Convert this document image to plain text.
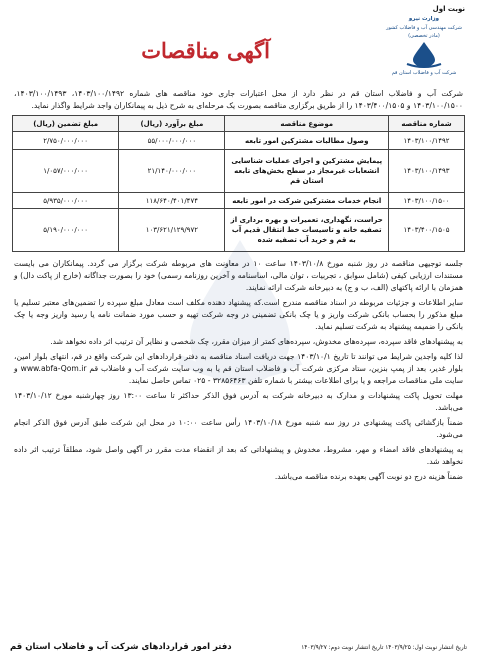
نوبت اول
وزارت نیرو
شرکت مهندسی آب و فاضلاب کشور
(مادر تخصصی)
شرکت آب و فاضلاب استان قم
آگهی مناقصات
شرکت آب و فاضلاب استان قم در نظر دارد از محل اعتبارات جاری خود مناقصه های شماره ۱۴۰۳/۱۰۰/۱۴۹۲، ۱۴۰۳/۱۰۰/۱۴۹۳، ۱۴۰۳/۱۰۰/۱۵۰۰ و ۱۴۰۳/۴۰۰/۱۵۰۵ را از طریق برگزاری مناقصه بصورت یک مرحله‌ای به شرح ذیل به پیمانکاران واجد شرایط واگذار نماید.
شماره مناقصه	موضوع مناقصه	مبلغ برآورد (ریال)	مبلغ تضمین (ریال)
۱۴۰۳/۱۰۰/۱۴۹۲	وصول مطالبات مشترکین امور تابعه	۵۵/۰۰۰/۰۰۰/۰۰۰	۲/۷۵۰/۰۰۰/۰۰۰
۱۴۰۳/۱۰۰/۱۴۹۳	پیمایش مشترکین و اجرای عملیات شناسایی انشعابات غیرمجاز در سطح بخش‌های تابعه استان قم	۲۱/۱۴۰/۰۰۰/۰۰۰	۱/۰۵۷/۰۰۰/۰۰۰
۱۴۰۳/۱۰۰/۱۵۰۰	انجام خدمات مشترکین شرکت در امور تابعه	۱۱۸/۶۴۰/۴۰۱/۴۷۴	۵/۹۳۵/۰۰۰/۰۰۰
۱۴۰۳/۴۰۰/۱۵۰۵	حراست، نگهداری، تعمیرات و بهره برداری از تصفیه خانه و تاسیسات خط انتقال قدیم آب به قم و خرید آب تصفیه شده	۱۰۳/۶۲۱/۱۲۹/۹۷۲	۵/۱۹۰/۰۰۰/۰۰۰

جلسه توجیهی مناقصه در روز شنبه مورخ ۱۴۰۳/۱۰/۸ ساعت ۱۰ در معاونت های مربوطه شرکت برگزار می گردد. پیمانکاران می بایست مستندات ارزیابی کیفی (شامل سوابق ، تجربیات ، توان مالی، اساسنامه و آخرین روزنامه رسمی) خود را بصورت جداگانه (خارج از پاکت دال) و همزمان با ارائه پاکتهای (الف، ب و ج) به دبیرخانه شرکت ارائه نمایند.

سایر اطلاعات و جزئیات مربوطه در اسناد مناقصه مندرج است.که پیشنهاد دهنده مکلف است معادل مبلغ سپرده را تضمین‌های معتبر تسلیم یا مبلغ مذکور را بحساب بانکی شرکت واریز و یا چک بانکی تضمینی در وجه شرکت تهیه و حسب مورد ضمانت نامه یا رسید واریز وجه یا چک بانکی را ضمیمه پیشنهاد به شرکت تسلیم نماید.

به پیشنهادهای فاقد سپرده، سپرده‌های مخدوش، سپرده‌های کمتر از میزان مقرر، چک شخصی و نظایر آن ترتیب اثر داده نخواهد شد.

لذا کلیه واجدین شرایط می توانند تا تاریخ ۱۴۰۳/۱۰/۱ جهت دریافت اسناد مناقصه به دفتر قراردادهای این شرکت واقع در قم، انتهای بلوار امین، بلوار غدیر، بعد از پمپ بنزین، ستاد مرکزی شرکت آب و فاضلاب استان قم یا به وب سایت شرکت آب و فاضلاب قم www.abfa-Qom.ir و سایت ملی مناقصات مراجعه و یا برای اطلاعات بیشتر با شماره تلفن ۳۲۸۵۶۴۶۳ - ۰۲۵ تماس حاصل نمایند.

مهلت تحویل پاکت پیشنهادات و مدارک به دبیرخانه شرکت به آدرس فوق الذکر حداکثر تا ساعت ۱۳:۰۰ روز چهارشنبه مورخ ۱۴۰۳/۱۰/۱۲ می‌باشد.

ضمناً بازگشائی پاکت پیشنهادی در روز سه شنبه مورخ ۱۴۰۳/۱۰/۱۸ رأس ساعت ۱۰:۰۰ در محل این شرکت طبق آدرس فوق الذکر انجام می‌شود.

به پیشنهادهای فاقد امضاء و مهر، مشروط، مخدوش و پیشنهاداتی که بعد از انقضاء مدت مقرر در آگهی واصل شود، مطلقاً ترتیب اثر داده نخواهد شد.

ضمناً هزینه درج دو نوبت آگهی بعهده برنده مناقصه می‌باشد.

تاریخ انتشار نوبت اول: ۱۴۰۳/۹/۲۵ تاریخ انتشار نوبت دوم: ۱۴۰۳/۹/۲۷
دفتر امور قراردادهای شرکت آب و فاضلاب استان قم
